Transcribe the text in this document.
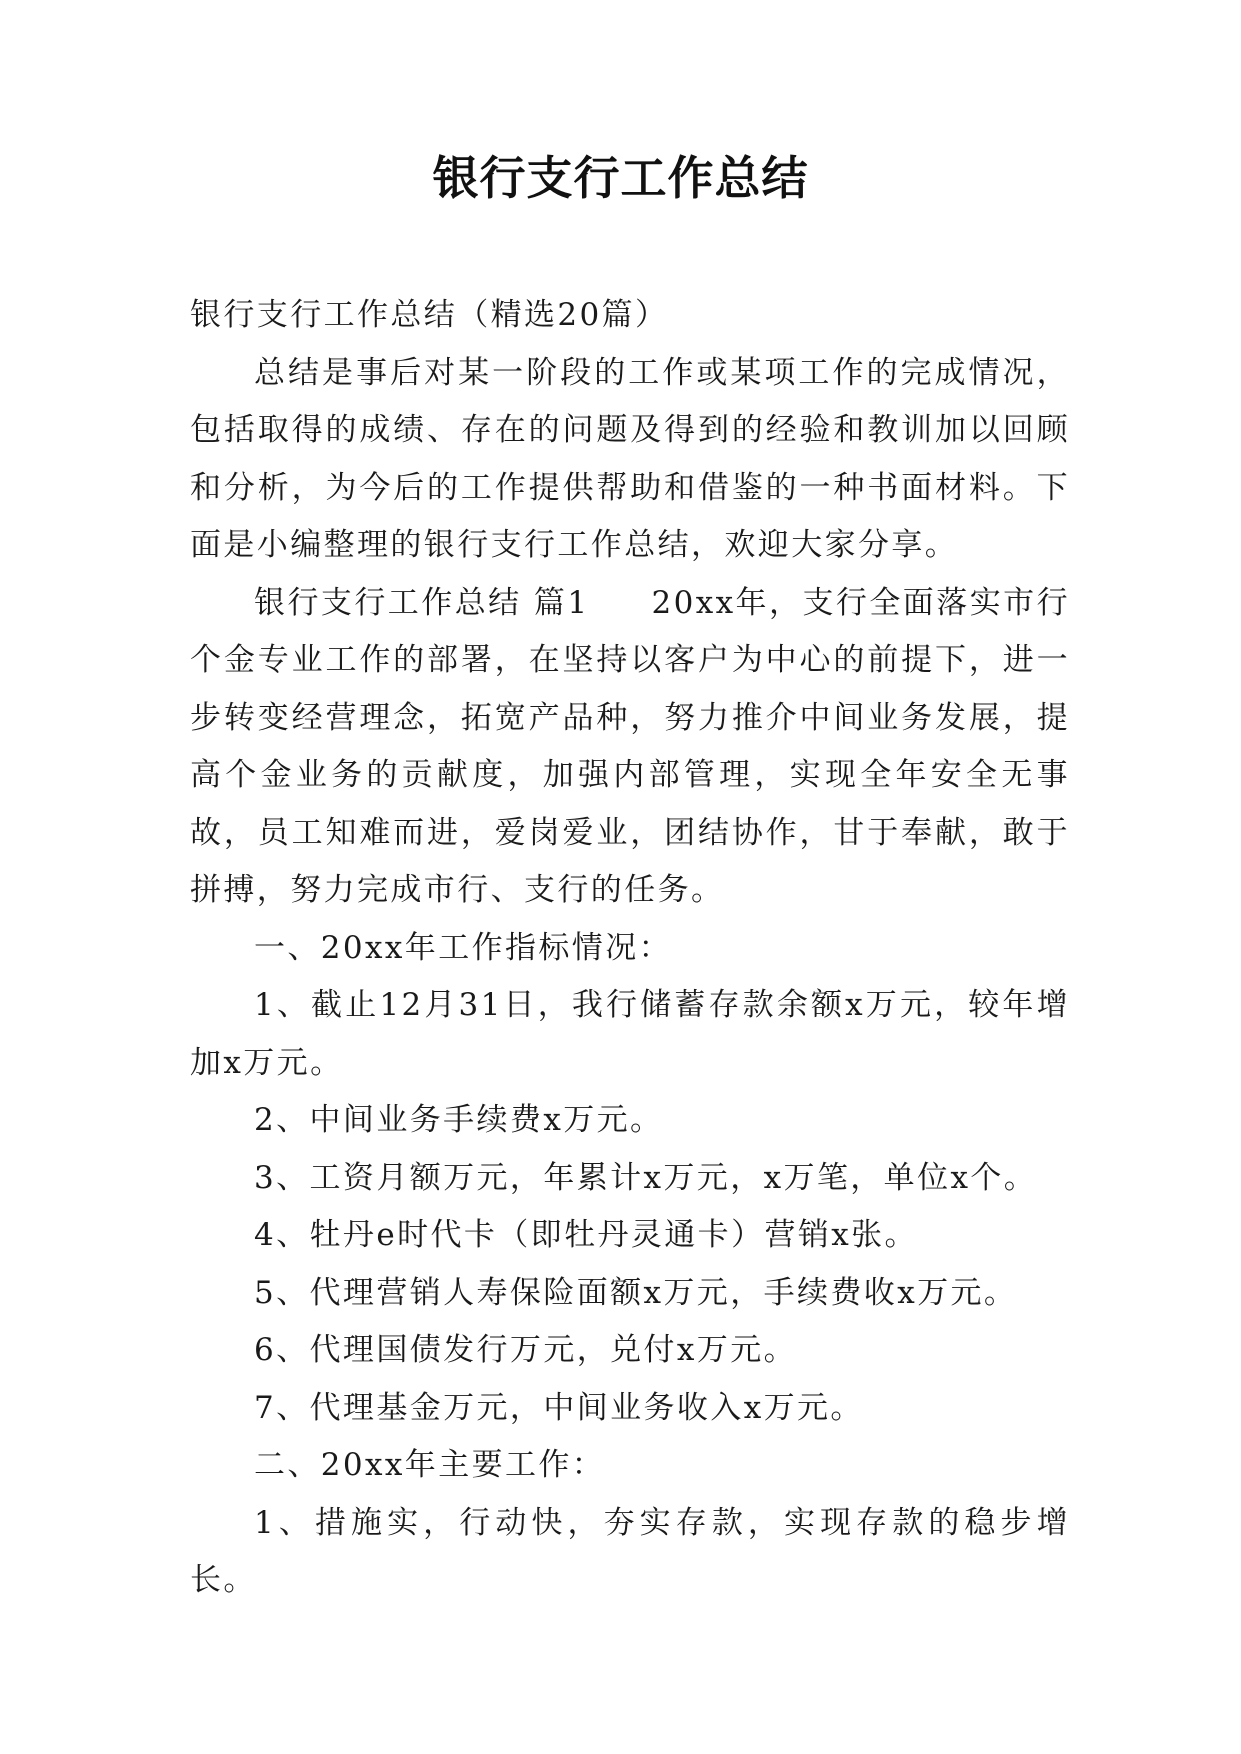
银行支行工作总结

银行支行工作总结（精选20篇）

总结是事后对某一阶段的工作或某项工作的完成情况，包括取得的成绩、存在的问题及得到的经验和教训加以回顾和分析，为今后的工作提供帮助和借鉴的一种书面材料。下面是小编整理的银行支行工作总结，欢迎大家分享。

银行支行工作总结 篇1 20xx年，支行全面落实市行个金专业工作的部署，在坚持以客户为中心的前提下，进一步转变经营理念，拓宽产品种，努力推介中间业务发展，提高个金业务的贡献度，加强内部管理，实现全年安全无事故，员工知难而进，爱岗爱业，团结协作，甘于奉献，敢于拼搏，努力完成市行、支行的任务。

一、20xx年工作指标情况：

1、截止12月31日，我行储蓄存款余额x万元，较年增加x万元。

2、中间业务手续费x万元。

3、工资月额万元，年累计x万元，x万笔，单位x个。

4、牡丹e时代卡（即牡丹灵通卡）营销x张。

5、代理营销人寿保险面额x万元，手续费收x万元。

6、代理国债发行万元，兑付x万元。

7、代理基金万元，中间业务收入x万元。

二、20xx年主要工作：

1、措施实，行动快，夯实存款，实现存款的稳步增长。
